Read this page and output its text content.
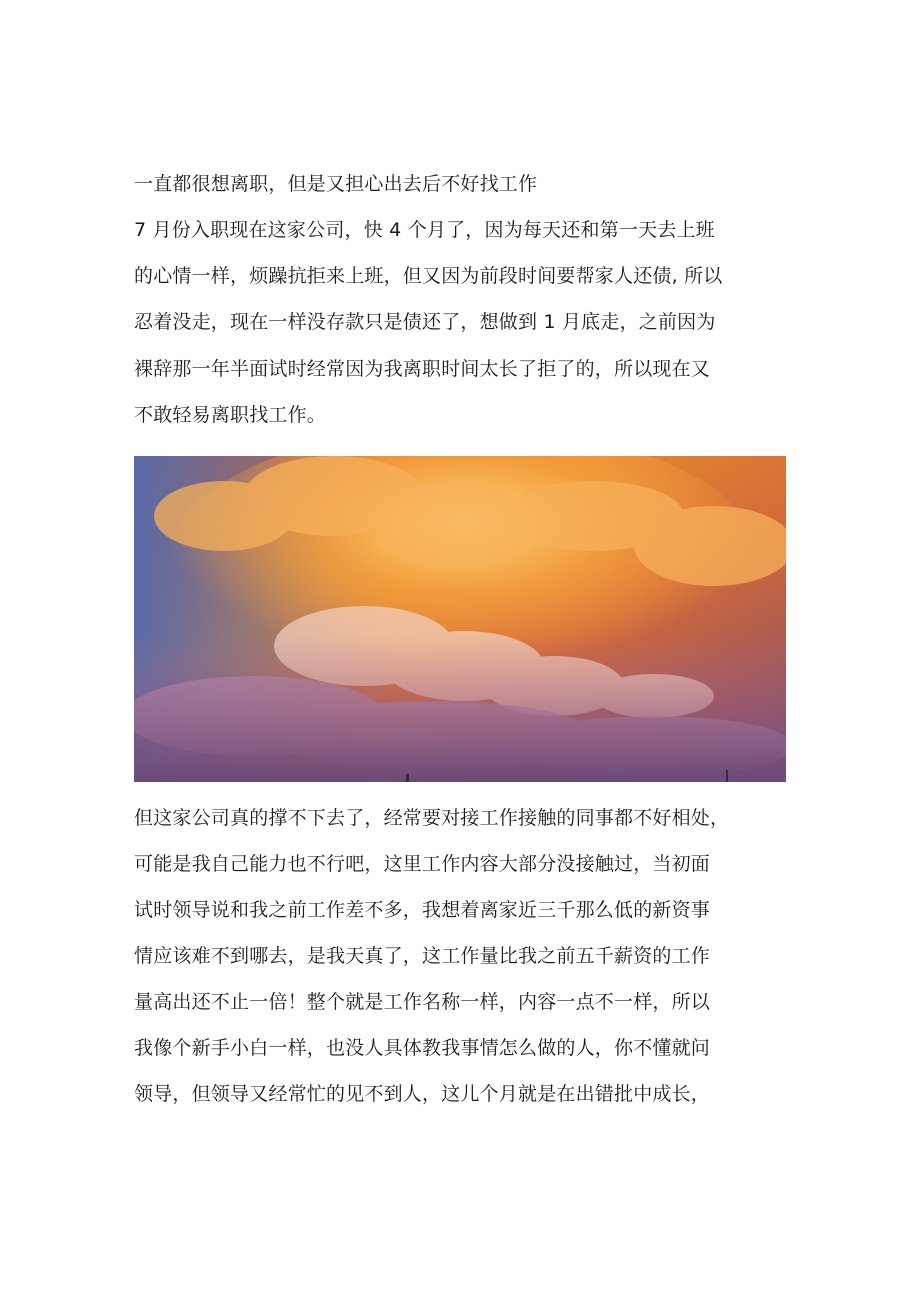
一直都很想离职，但是又担心出去后不好找工作
7 月份入职现在这家公司，快 4 个月了，因为每天还和第一天去上班
的心情一样，烦躁抗拒来上班，但又因为前段时间要帮家人还债, 所以
忍着没走，现在一样没存款只是债还了，想做到 1 月底走，之前因为
裸辞那一年半面试时经常因为我离职时间太长了拒了的，所以现在又
不敢轻易离职找工作。
但这家公司真的撑不下去了，经常要对接工作接触的同事都不好相处，
可能是我自己能力也不行吧，这里工作内容大部分没接触过，当初面
试时领导说和我之前工作差不多，我想着离家近三千那么低的新资事
情应该难不到哪去，是我天真了，这工作量比我之前五千薪资的工作
量高出还不止一倍！整个就是工作名称一样，内容一点不一样，所以
我像个新手小白一样，也没人具体教我事情怎么做的人，你不懂就问
领导，但领导又经常忙的见不到人，这儿个月就是在出错批中成长，
